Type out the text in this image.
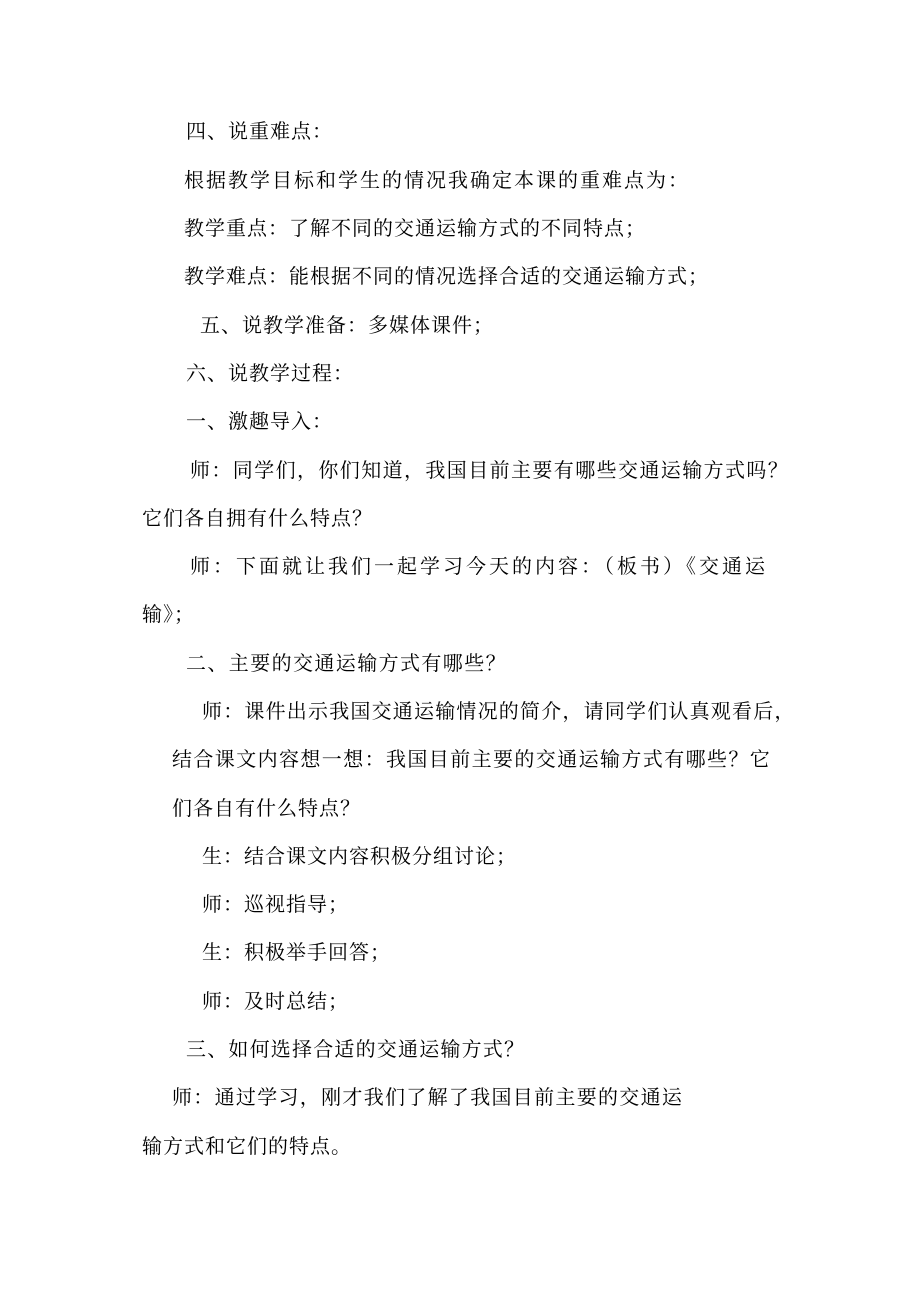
四、说重难点：
根据教学目标和学生的情况我确定本课的重难点为：
教学重点：了解不同的交通运输方式的不同特点；
教学难点：能根据不同的情况选择合适的交通运输方式；
五、说教学准备：多媒体课件；
六、说教学过程：
一、激趣导入：
师：同学们，你们知道，我国目前主要有哪些交通运输方式吗？
它们各自拥有什么特点？
师：下面就让我们一起学习今天的内容：（板书）《交通运
输》；
二、主要的交通运输方式有哪些？
师：课件出示我国交通运输情况的简介，请同学们认真观看后，
结合课文内容想一想：我国目前主要的交通运输方式有哪些？它
们各自有什么特点？
生：结合课文内容积极分组讨论；
师：巡视指导；
生：积极举手回答；
师：及时总结；
三、如何选择合适的交通运输方式？
师：通过学习，刚才我们了解了我国目前主要的交通运
输方式和它们的特点。
